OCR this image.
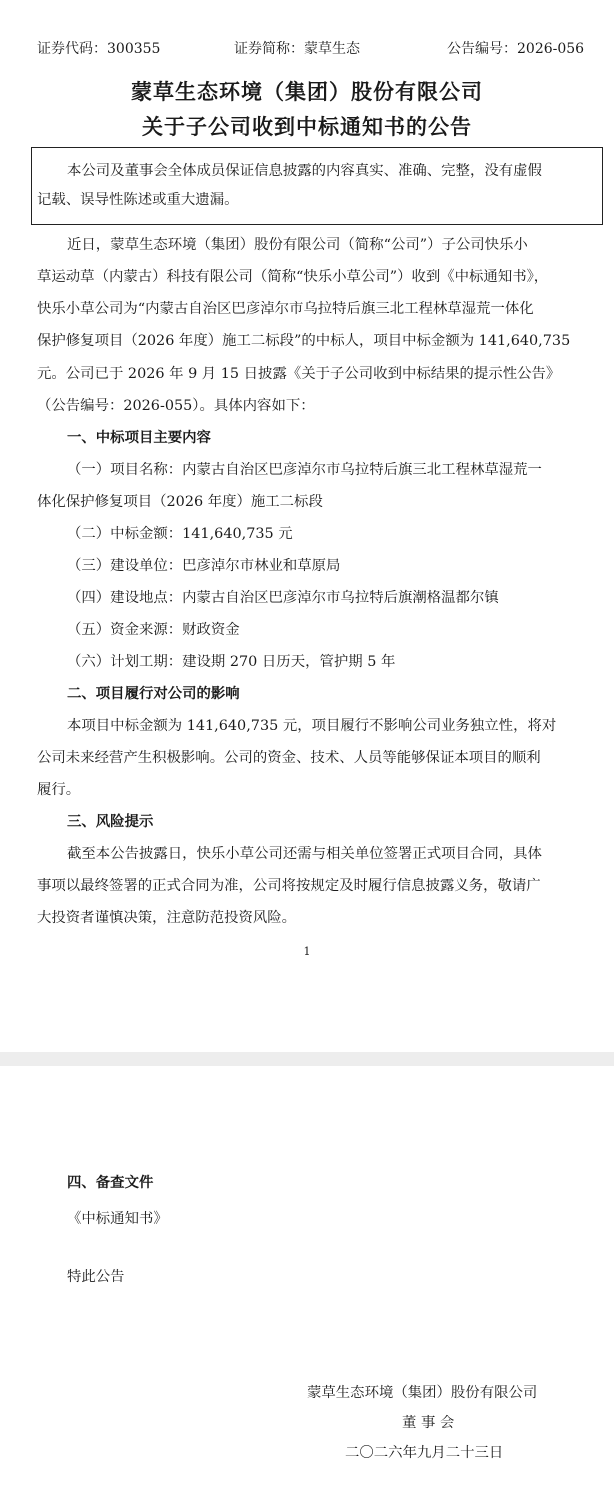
证券代码：300355	证券简称：蒙草生态	公告编号：2026-056
蒙草生态环境（集团）股份有限公司
关于子公司收到中标通知书的公告
本公司及董事会全体成员保证信息披露的内容真实、准确、完整，没有虚假
记载、误导性陈述或重大遗漏。
近日，蒙草生态环境（集团）股份有限公司（简称“公司”）子公司快乐小
草运动草（内蒙古）科技有限公司（简称“快乐小草公司”）收到《中标通知书》，
快乐小草公司为“内蒙古自治区巴彦淖尔市乌拉特后旗三北工程林草湿荒一体化
保护修复项目（2026 年度）施工二标段”的中标人，项目中标金额为 141,640,735
元。公司已于 2026 年 9 月 15 日披露《关于子公司收到中标结果的提示性公告》
（公告编号：2026-055）。具体内容如下：
一、中标项目主要内容
（一）项目名称：内蒙古自治区巴彦淖尔市乌拉特后旗三北工程林草湿荒一
体化保护修复项目（2026 年度）施工二标段
（二）中标金额：141,640,735 元
（三）建设单位：巴彦淖尔市林业和草原局
（四）建设地点：内蒙古自治区巴彦淖尔市乌拉特后旗潮格温都尔镇
（五）资金来源：财政资金
（六）计划工期：建设期 270 日历天，管护期 5 年
二、项目履行对公司的影响
本项目中标金额为 141,640,735 元，项目履行不影响公司业务独立性，将对
公司未来经营产生积极影响。公司的资金、技术、人员等能够保证本项目的顺利
履行。
三、风险提示
截至本公告披露日，快乐小草公司还需与相关单位签署正式项目合同，具体
事项以最终签署的正式合同为准，公司将按规定及时履行信息披露义务，敬请广
大投资者谨慎决策，注意防范投资风险。
1
四、备查文件
《中标通知书》
特此公告
蒙草生态环境（集团）股份有限公司
董 事 会
二〇二六年九月二十三日
